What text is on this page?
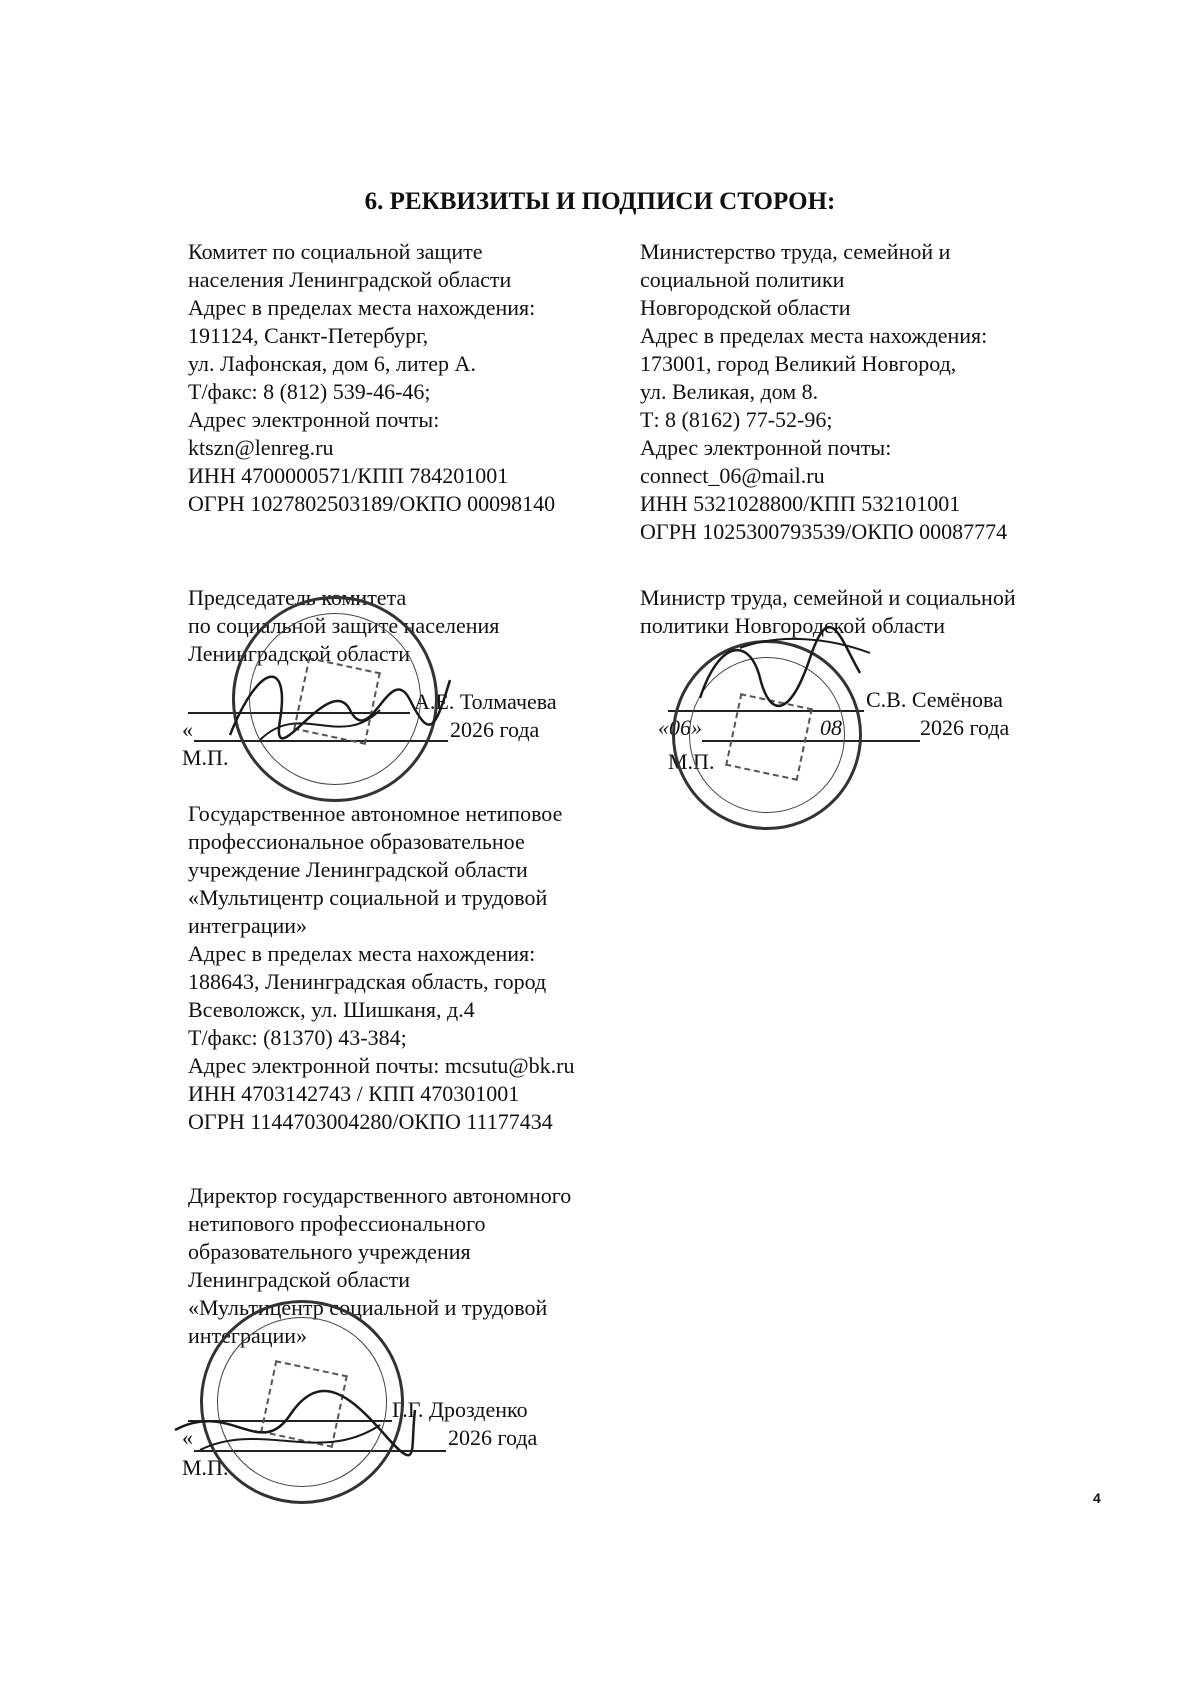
6. РЕКВИЗИТЫ И ПОДПИСИ СТОРОН:
Комитет по социальной защите
населения Ленинградской области
Адрес в пределах места нахождения:
191124, Санкт-Петербург,
ул. Лафонская, дом 6, литер А.
Т/факс: 8 (812) 539-46-46;
Адрес электронной почты:
ktszn@lenreg.ru
ИНН 4700000571/КПП 784201001
ОГРН 1027802503189/ОКПО 00098140
Министерство труда, семейной и
социальной политики
Новгородской области
Адрес в пределах места нахождения:
173001, город Великий Новгород,
ул. Великая, дом 8.
Т: 8 (8162) 77-52-96;
Адрес электронной почты:
connect_06@mail.ru
ИНН 5321028800/КПП 532101001
ОГРН 1025300793539/ОКПО 00087774
Председатель комитета
по социальной защите населения
Ленинградской области
А.Е. Толмачева
«	2026 года
М.П.
Министр труда, семейной и социальной
политики Новгородской области
С.В. Семёнова
«06»	08	2026 года
М.П.
Государственное автономное нетиповое
профессиональное образовательное
учреждение Ленинградской области
«Мультицентр социальной и трудовой
интеграции»
Адрес в пределах места нахождения:
188643, Ленинградская область, город
Всеволожск, ул. Шишканя, д.4
Т/факс: (81370) 43-384;
Адрес электронной почты: mcsutu@bk.ru
ИНН 4703142743 / КПП 470301001
ОГРН 1144703004280/ОКПО 11177434
Директор государственного автономного
нетипового профессионального
образовательного учреждения
Ленинградской области
«Мультицентр социальной и трудовой
интеграции»
Г.Г. Дрозденко
«	2026 года
М.П.
4
